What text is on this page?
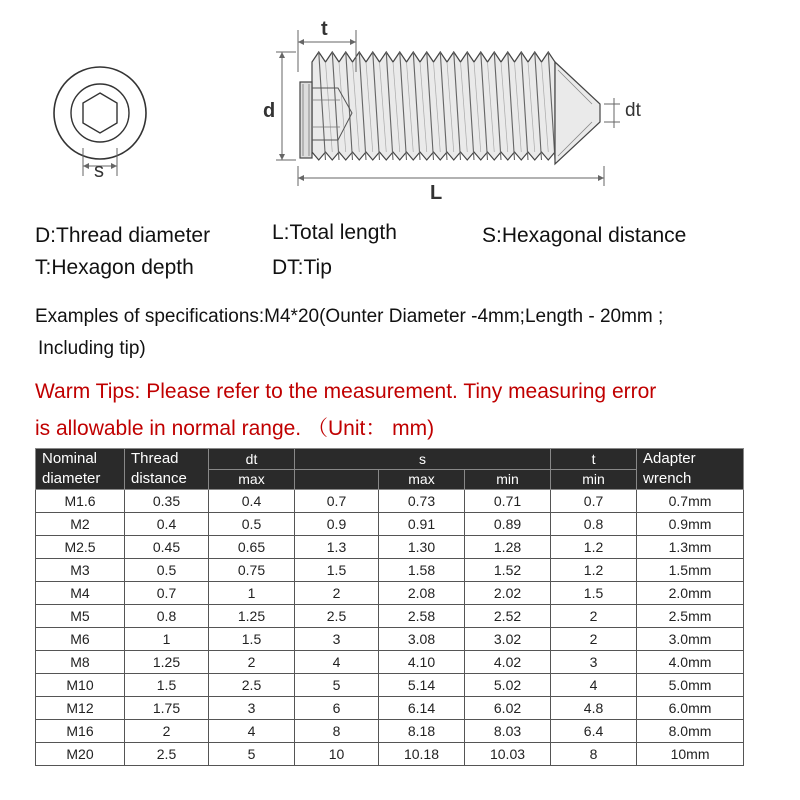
t
d	dt
L
s
D:Thread diameter	L:Total length	S:Hexagonal distance
T:Hexagon depth	DT:Tip
Examples of specifications:M4*20(Ounter Diameter -4mm;Length - 20mm ;
Including tip)
Warm Tips: Please refer to the measurement. Tiny measuring error
is allowable in normal range. （Unit： mm)
Nominal diameter	Thread distance	dt	s			t	Adapter wrench
		max		max	min	min	
M1.6	0.35	0.4	0.7	0.73	0.71	0.7	0.7mm
M2	0.4	0.5	0.9	0.91	0.89	0.8	0.9mm
M2.5	0.45	0.65	1.3	1.30	1.28	1.2	1.3mm
M3	0.5	0.75	1.5	1.58	1.52	1.2	1.5mm
M4	0.7	1	2	2.08	2.02	1.5	2.0mm
M5	0.8	1.25	2.5	2.58	2.52	2	2.5mm
M6	1	1.5	3	3.08	3.02	2	3.0mm
M8	1.25	2	4	4.10	4.02	3	4.0mm
M10	1.5	2.5	5	5.14	5.02	4	5.0mm
M12	1.75	3	6	6.14	6.02	4.8	6.0mm
M16	2	4	8	8.18	8.03	6.4	8.0mm
M20	2.5	5	10	10.18	10.03	8	10mm
